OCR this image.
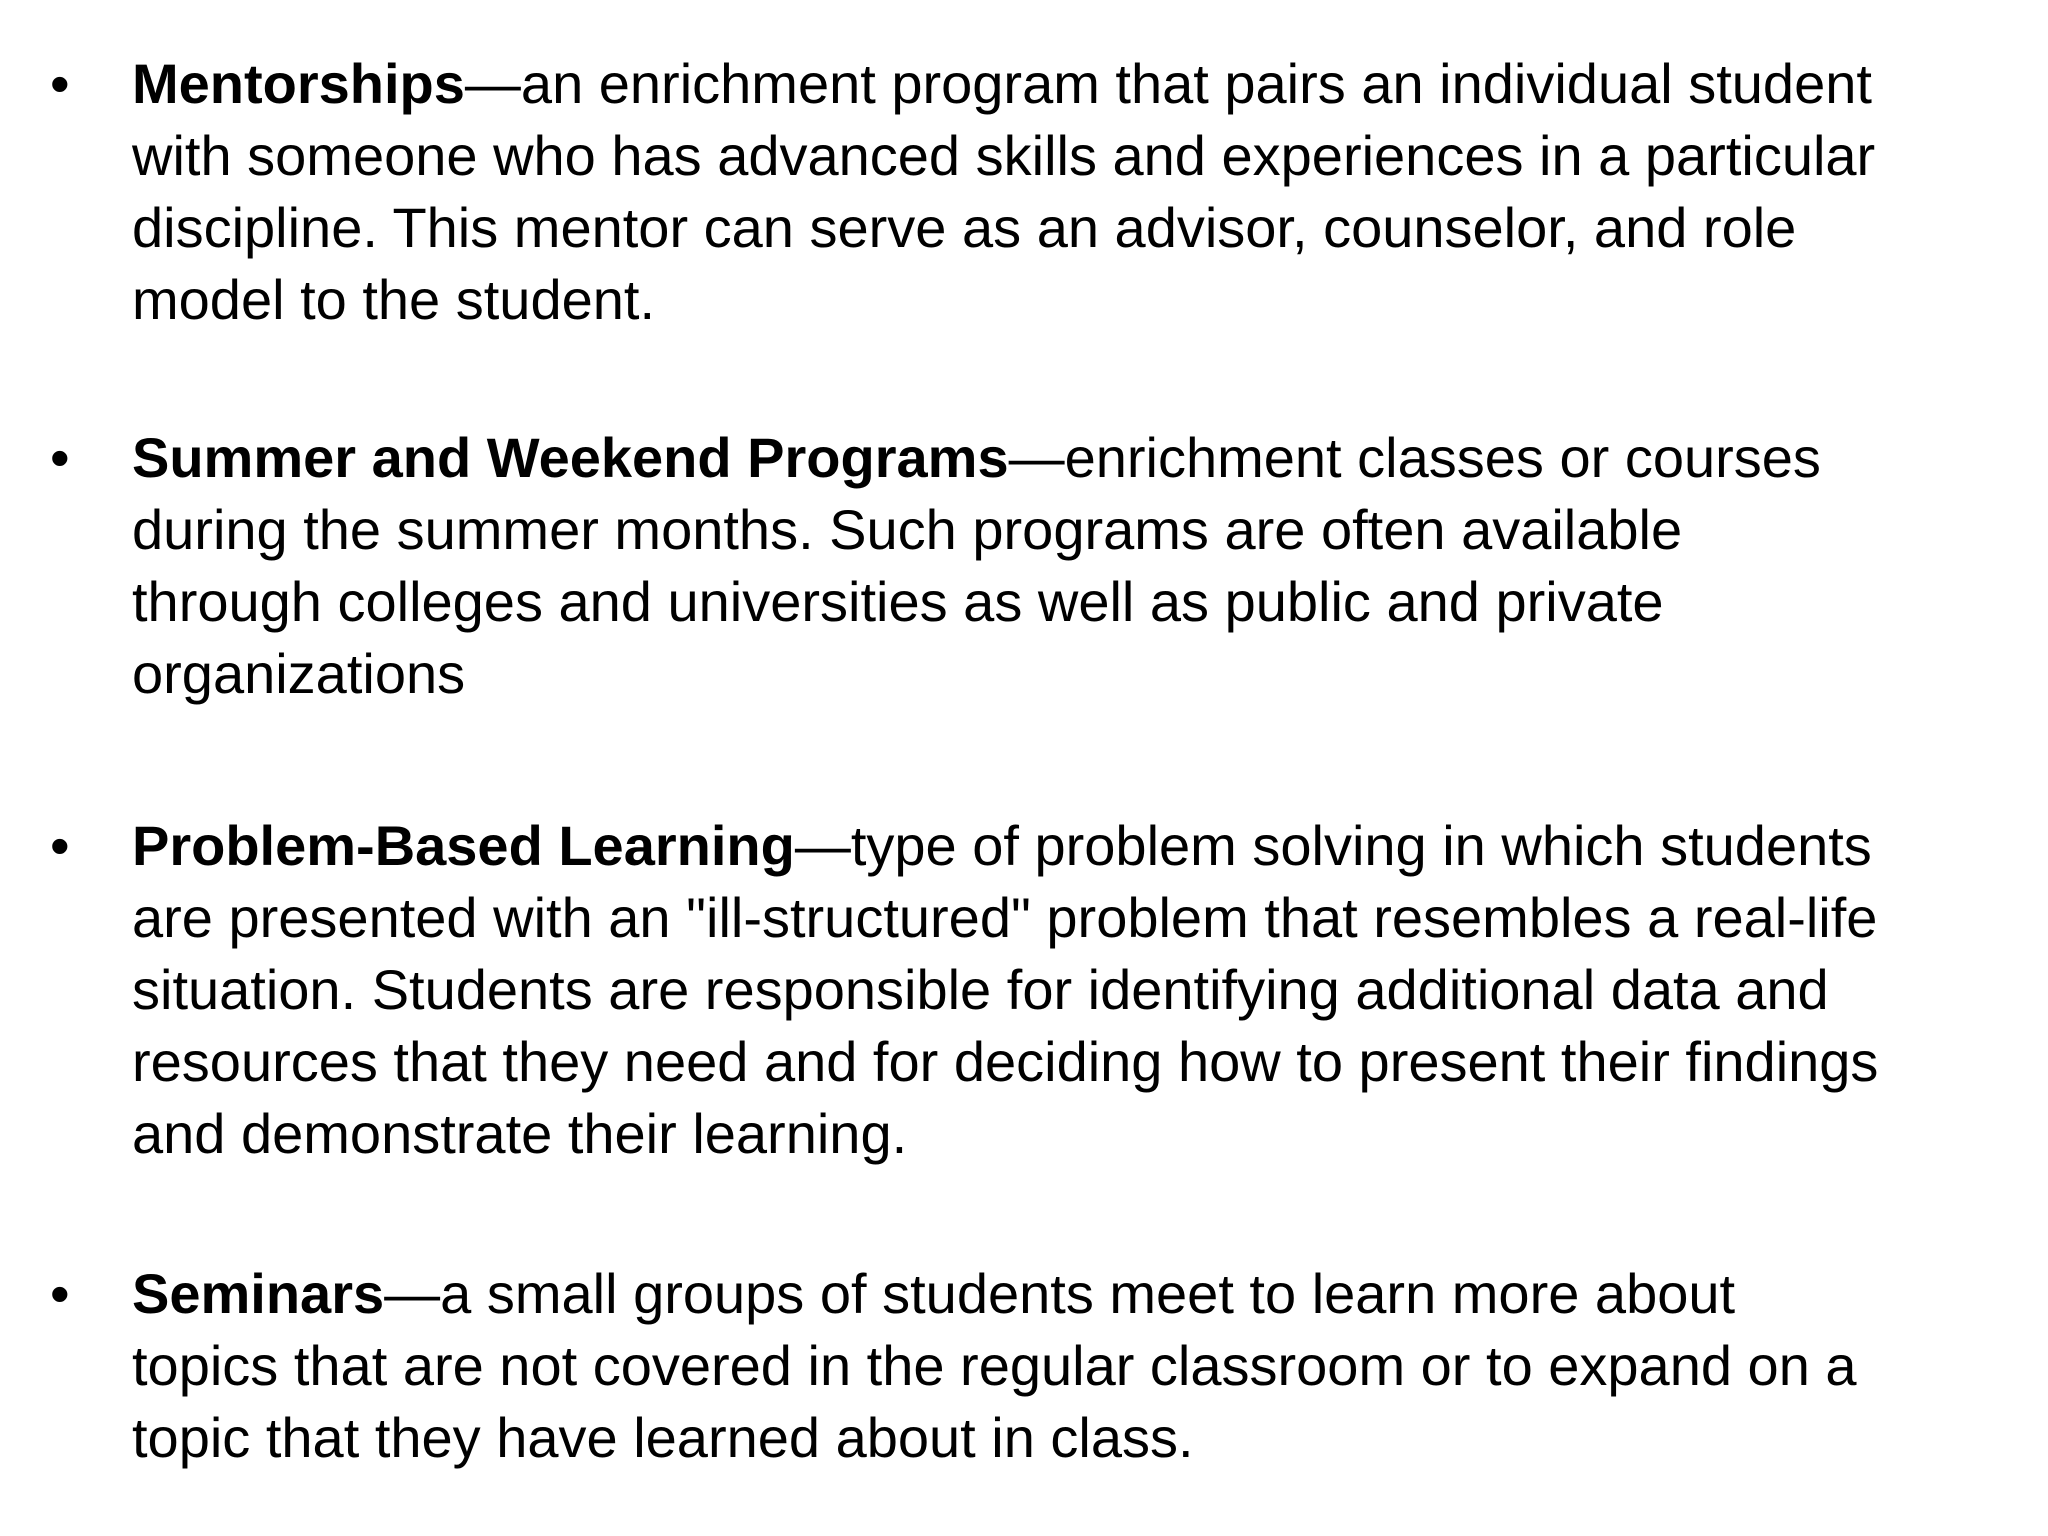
•	Mentorships—an enrichment program that pairs an individual student
with someone who has advanced skills and experiences in a particular
discipline. This mentor can serve as an advisor, counselor, and role
model to the student.
•	Summer and Weekend Programs—enrichment classes or courses
during the summer months. Such programs are often available
through colleges and universities as well as public and private
organizations
•	Problem-Based Learning—type of problem solving in which students
are presented with an "ill-structured" problem that resembles a real-life
situation. Students are responsible for identifying additional data and
resources that they need and for deciding how to present their findings
and demonstrate their learning.
•	Seminars—a small groups of students meet to learn more about
topics that are not covered in the regular classroom or to expand on a
topic that they have learned about in class.
